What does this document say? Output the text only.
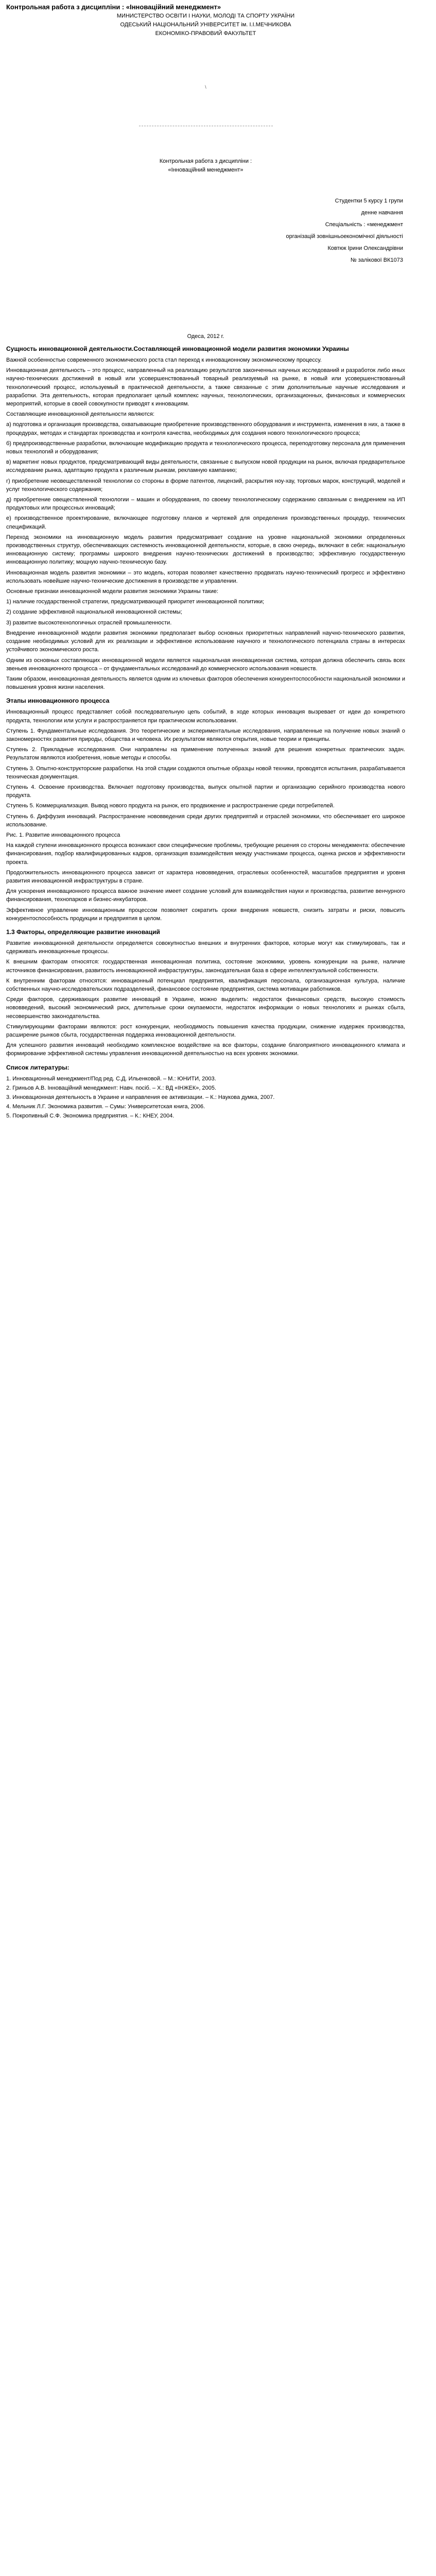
Контрольная работа з дисциплiни : «Iнновацiйний менеджмент»
МИНИСТЕРСТВО ОСВIТИ I НАУКИ, МОЛОДI ТА СПОРТУ УКРАЇНИ
ОДЕСЬКИЙ НАЦIОНАЛЬНИЙ УНIВЕРСИТЕТ iм. I.I.МЕЧНИКОВА
ЕКОНОМIКО-ПРАВОВИЙ ФАКУЛЬТЕТ
\
Контрольная работа з дисциплiни :
«Iнновацiйний менеджмент»
Студентки 5 курсу 1 групи
денне навчання
Спецiальнiсть : «менеджмент
органiзацiй зовнiшньоекономiчної дiяльностi
Ковтюк Iрини Олександрiвни
№ залiковоï ВК1073
Одеса, 2012 г.
Сущность инновационной деятельности.Составляющей инновационной модели развития экономики Украины

Важной особенностью современного экономического роста стал переход к инновационному экономическому процессу.

Инновационная деятельность – это процесс, направленный на реализацию результатов законченных научных исследований и разработок либо иных научно-технических достижений в новый или усовершенствованный товарный реализуемый на рынке, в новый или усовершенствованный технологический процесс, используемый в практической деятельности, а также связанные с этим дополнительные научные исследования и разработки. Эта деятельность, которая предполагает целый комплекс научных, технологических, организационных, финансовых и коммерческих мероприятий, которые в своей совокупности приводят к инновациям.

Составляющие инновационной деятельности являются:

а) подготовка и организация производства, охватывающие приобретение производственного оборудования и инструмента, изменения в них, а также в процедурах, методах и стандартах производства и контроля качества, необходимых для создания нового технологического процесса;

б) предпроизводственные разработки, включающие модификацию продукта и технологического процесса, переподготовку персонала для применения новых технологий и оборудования;

в) маркетинг новых продуктов, предусматривающий виды деятельности, связанные с выпуском новой продукции на рынок, включая предварительное исследование рынка, адаптацию продукта к различным рынкам, рекламную кампанию;

г) приобретение неовеществленной технологии со стороны в форме патентов, лицензий, раскрытия ноу-хау, торговых марок, конструкций, моделей и услуг технологического содержания;

д) приобретение овеществленной технологии – машин и оборудования, по своему технологическому содержанию связанным с внедрением на ИП продуктовых или процессных инноваций;

е) производственное проектирование, включающее подготовку планов и чертежей для определения производственных процедур, технических спецификаций.

Переход экономики на инновационную модель развития предусматривает создание на уровне национальной экономики определенных производственных структур, обеспечивающих системность инновационной деятельности, которые, в свою очередь, включают в себя: национальную инновационную систему; программы широкого внедрения научно-технических достижений в производство; эффективную государственную инновационную политику; мощную научно-техническую базу.

Инновационная модель развития экономики – это модель, которая позволяет качественно продвигать научно-технический прогресс и эффективно использовать новейшие научно-технические достижения в производстве и управлении.

Основные признаки инновационной модели развития экономики Украины такие:

1) наличие государственной стратегии, предусматривающей приоритет инновационной политики;

2) создание эффективной национальной инновационной системы;

3) развитие высокотехнологичных отраслей промышленности.

Внедрение инновационной модели развития экономики предполагает выбор основных приоритетных направлений научно-технического развития, создание необходимых условий для их реализации и эффективное использование научного и технологического потенциала страны в интересах устойчивого экономического роста.

Одним из основных составляющих инновационной модели является национальная инновационная система, которая должна обеспечить связь всех звеньев инновационного процесса – от фундаментальных исследований до коммерческого использования новшеств.

Таким образом, инновационная деятельность является одним из ключевых факторов обеспечения конкурентоспособности национальной экономики и повышения уровня жизни населения.

Этапы инновационного процесса

Инновационный процесс представляет собой последовательную цепь событий, в ходе которых инновация вызревает от идеи до конкретного продукта, технологии или услуги и распространяется при практическом использовании.

Ступень 1. Фундаментальные исследования. Это теоретические и экспериментальные исследования, направленные на получение новых знаний о закономерностях развития природы, общества и человека. Их результатом являются открытия, новые теории и принципы.

Ступень 2. Прикладные исследования. Они направлены на применение полученных знаний для решения конкретных практических задач. Результатом являются изобретения, новые методы и способы.

Ступень 3. Опытно-конструкторские разработки. На этой стадии создаются опытные образцы новой техники, проводятся испытания, разрабатывается техническая документация.

Ступень 4. Освоение производства. Включает подготовку производства, выпуск опытной партии и организацию серийного производства нового продукта.

Ступень 5. Коммерциализация. Вывод нового продукта на рынок, его продвижение и распространение среди потребителей.

Ступень 6. Диффузия инноваций. Распространение нововведения среди других предприятий и отраслей экономики, что обеспечивает его широкое использование.

Рис. 1. Развитие инновационного процесса

На каждой ступени инновационного процесса возникают свои специфические проблемы, требующие решения со стороны менеджмента: обеспечение финансирования, подбор квалифицированных кадров, организация взаимодействия между участниками процесса, оценка рисков и эффективности проекта.

Продолжительность инновационного процесса зависит от характера нововведения, отраслевых особенностей, масштабов предприятия и уровня развития инновационной инфраструктуры в стране.

Для ускорения инновационного процесса важное значение имеет создание условий для взаимодействия науки и производства, развитие венчурного финансирования, технопарков и бизнес-инкубаторов.

Эффективное управление инновационным процессом позволяет сократить сроки внедрения новшеств, снизить затраты и риски, повысить конкурентоспособность продукции и предприятия в целом.

1.3 Факторы, определяющие развитие инноваций

Развитие инновационной деятельности определяется совокупностью внешних и внутренних факторов, которые могут как стимулировать, так и сдерживать инновационные процессы.

К внешним факторам относятся: государственная инновационная политика, состояние экономики, уровень конкуренции на рынке, наличие источников финансирования, развитость инновационной инфраструктуры, законодательная база в сфере интеллектуальной собственности.

К внутренним факторам относятся: инновационный потенциал предприятия, квалификация персонала, организационная культура, наличие собственных научно-исследовательских подразделений, финансовое состояние предприятия, система мотивации работников.

Среди факторов, сдерживающих развитие инноваций в Украине, можно выделить: недостаток финансовых средств, высокую стоимость нововведений, высокий экономический риск, длительные сроки окупаемости, недостаток информации о новых технологиях и рынках сбыта, несовершенство законодательства.

Стимулирующими факторами являются: рост конкуренции, необходимость повышения качества продукции, снижение издержек производства, расширение рынков сбыта, государственная поддержка инновационной деятельности.

Для успешного развития инноваций необходимо комплексное воздействие на все факторы, создание благоприятного инновационного климата и формирование эффективной системы управления инновационной деятельностью на всех уровнях экономики.

Список литературы:

1. Инновационный менеджмент/Под ред. С.Д. Ильенковой. – М.: ЮНИТИ, 2003.

2. Гриньов А.В. Інноваційний менеджмент: Навч. посіб. – Х.: ВД «ІНЖЕК», 2005.

3. Инновационная деятельность в Украине и направления ее активизации. – К.: Наукова думка, 2007.

4. Мельник Л.Г. Экономика развития. – Сумы: Университетская книга, 2006.

5. Покропивный С.Ф. Экономика предприятия. – К.: КНЕУ, 2004.
